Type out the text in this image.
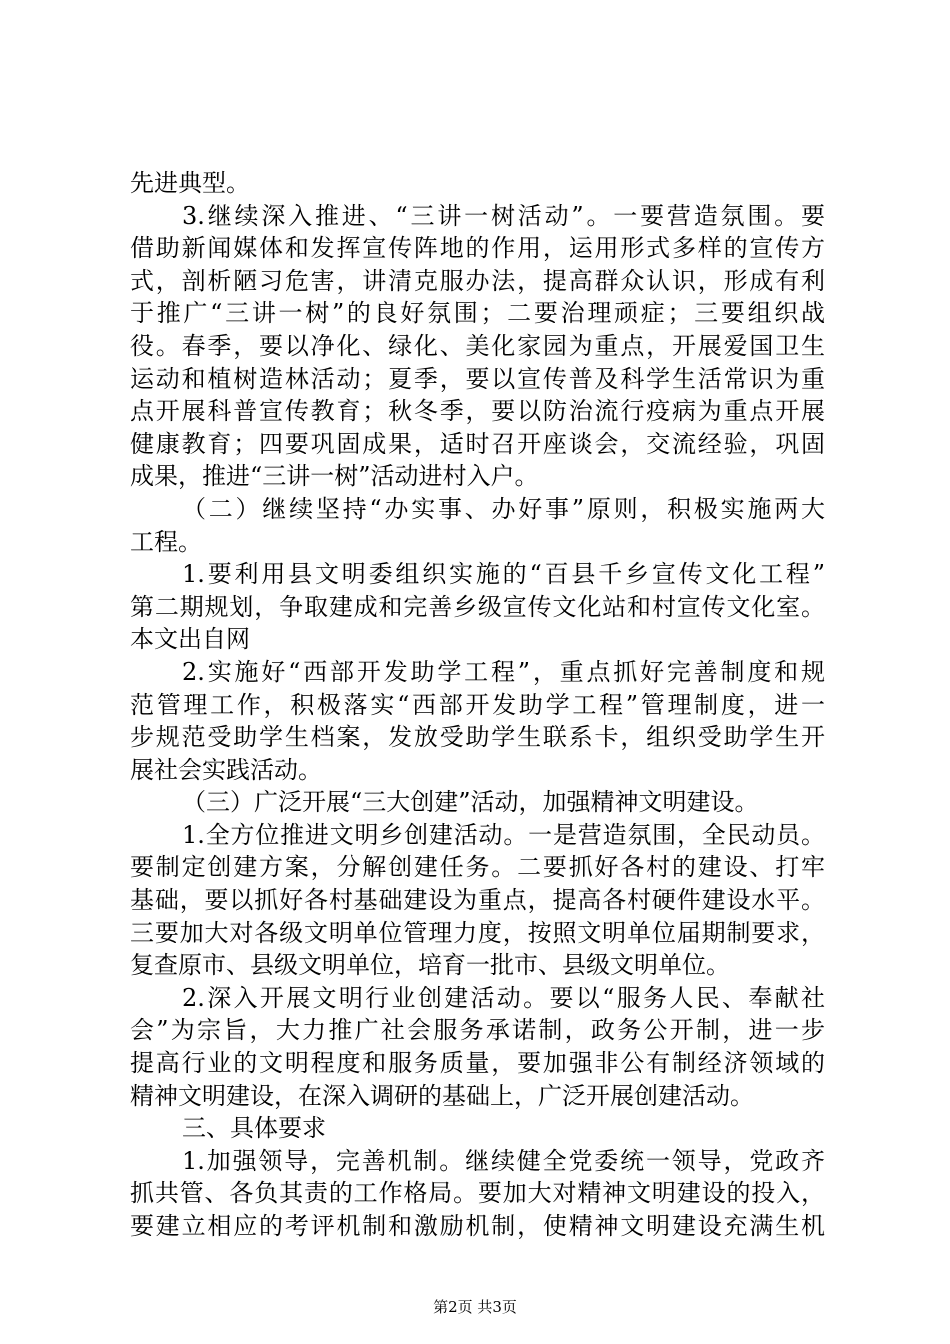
先进典型。
3.继续深入推进、“三讲一树活动”。一要营造氛围。要
借助新闻媒体和发挥宣传阵地的作用，运用形式多样的宣传方
式，剖析陋习危害，讲清克服办法，提高群众认识，形成有利
于推广“三讲一树”的良好氛围；二要治理顽症；三要组织战
役。春季，要以净化、绿化、美化家园为重点，开展爱国卫生
运动和植树造林活动；夏季，要以宣传普及科学生活常识为重
点开展科普宣传教育；秋冬季，要以防治流行疫病为重点开展
健康教育；四要巩固成果，适时召开座谈会，交流经验，巩固
成果，推进“三讲一树”活动进村入户。
（二）继续坚持“办实事、办好事”原则，积极实施两大
工程。
1.要利用县文明委组织实施的“百县千乡宣传文化工程”
第二期规划，争取建成和完善乡级宣传文化站和村宣传文化室。
本文出自网
2.实施好“西部开发助学工程”，重点抓好完善制度和规
范管理工作，积极落实“西部开发助学工程”管理制度，进一
步规范受助学生档案，发放受助学生联系卡，组织受助学生开
展社会实践活动。
（三）广泛开展“三大创建”活动，加强精神文明建设。
1.全方位推进文明乡创建活动。一是营造氛围，全民动员。
要制定创建方案，分解创建任务。二要抓好各村的建设、打牢
基础，要以抓好各村基础建设为重点，提高各村硬件建设水平。
三要加大对各级文明单位管理力度，按照文明单位届期制要求，
复查原市、县级文明单位，培育一批市、县级文明单位。
2.深入开展文明行业创建活动。要以“服务人民、奉献社
会”为宗旨，大力推广社会服务承诺制，政务公开制，进一步
提高行业的文明程度和服务质量，要加强非公有制经济领域的
精神文明建设，在深入调研的基础上，广泛开展创建活动。
三、具体要求
1.加强领导，完善机制。继续健全党委统一领导，党政齐
抓共管、各负其责的工作格局。要加大对精神文明建设的投入，
要建立相应的考评机制和激励机制，使精神文明建设充满生机
第2页 共3页
